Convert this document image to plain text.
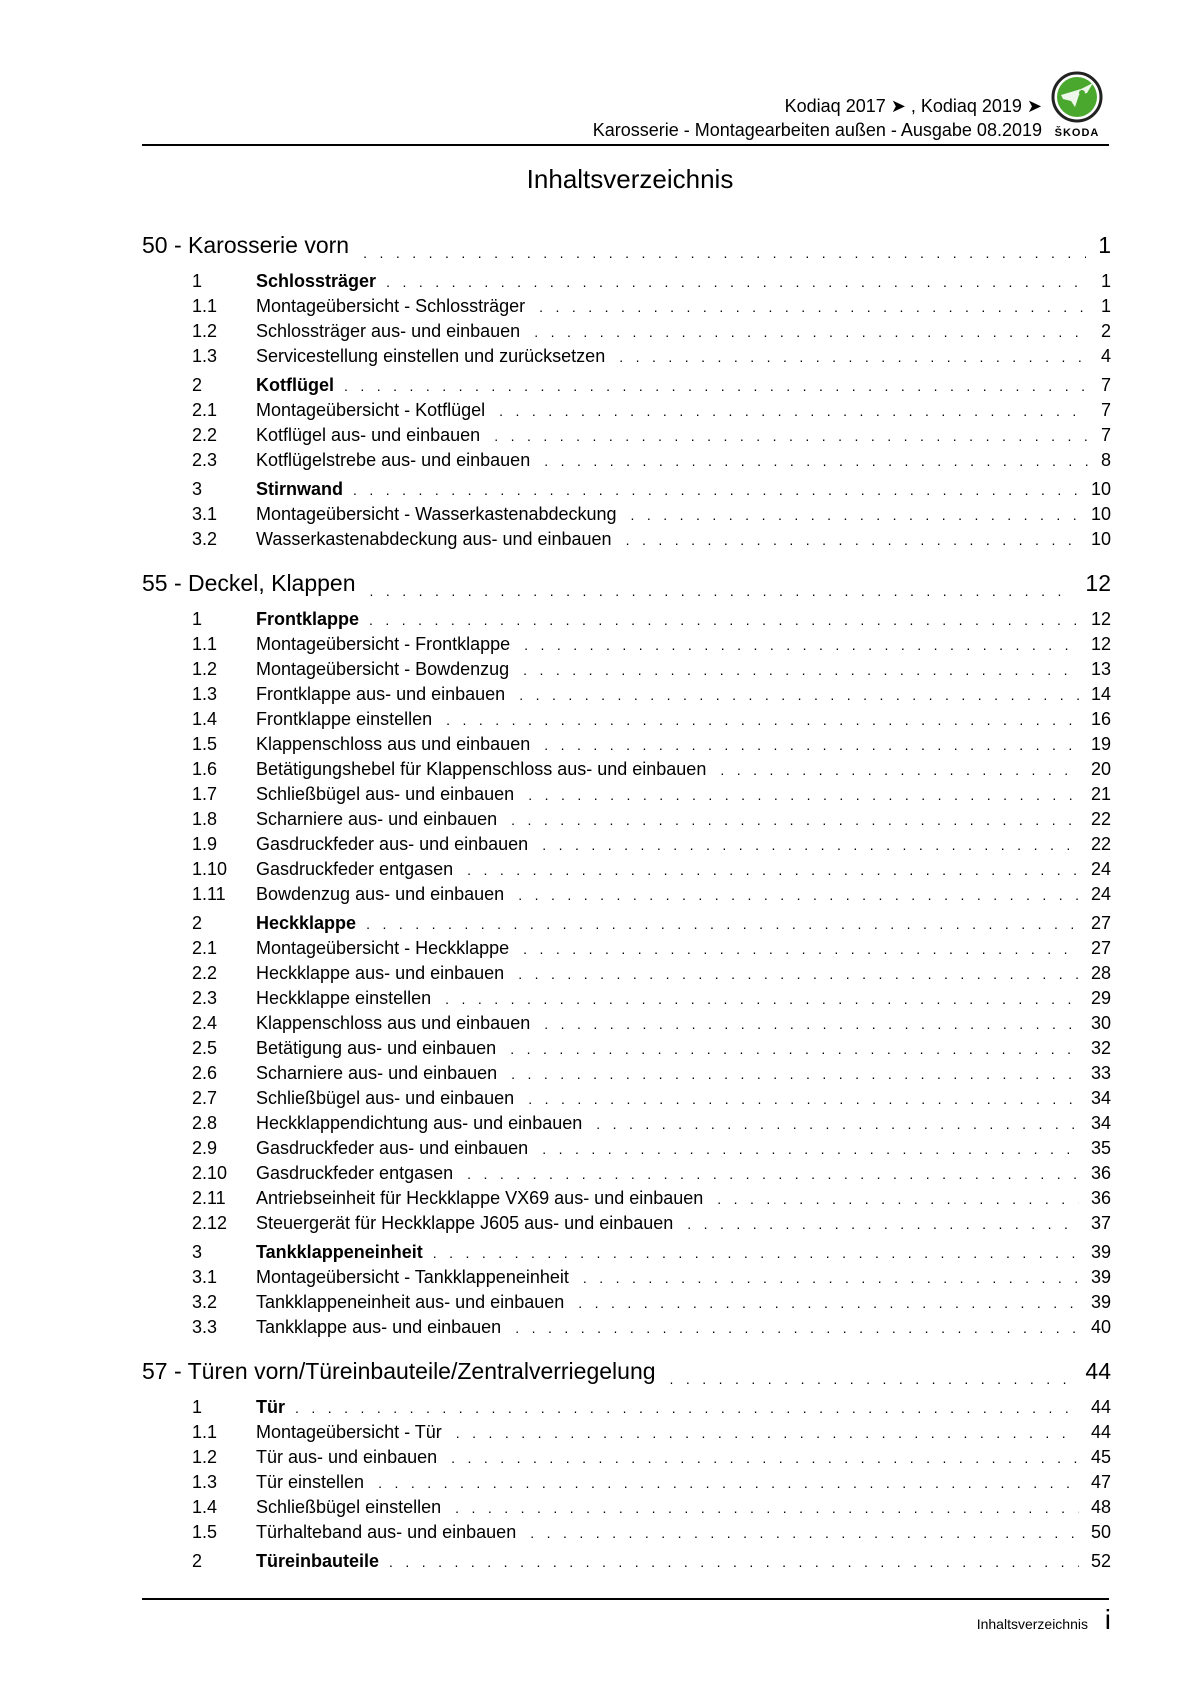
Kodiaq 2017 ➤ , Kodiaq 2019 ➤
Karosserie - Montagearbeiten außen - Ausgabe 08.2019	ŠKODA
Inhaltsverzeichnis
50 - Karosserie vorn . . .	1
1	Schlossträger . . .	1
1.1	Montageübersicht - Schlossträger . . .	1
1.2	Schlossträger aus- und einbauen . . .	2
1.3	Servicestellung einstellen und zurücksetzen . . .	4
2	Kotflügel . . .	7
2.1	Montageübersicht - Kotflügel . . .	7
2.2	Kotflügel aus- und einbauen . . .	7
2.3	Kotflügelstrebe aus- und einbauen . . .	8
3	Stirnwand . . .	10
3.1	Montageübersicht - Wasserkastenabdeckung . . .	10
3.2	Wasserkastenabdeckung aus- und einbauen . . .	10
55 - Deckel, Klappen . . .	12
1	Frontklappe . . .	12
1.1	Montageübersicht - Frontklappe . . .	12
1.2	Montageübersicht - Bowdenzug . . .	13
1.3	Frontklappe aus- und einbauen . . .	14
1.4	Frontklappe einstellen . . .	16
1.5	Klappenschloss aus und einbauen . . .	19
1.6	Betätigungshebel für Klappenschloss aus- und einbauen . . .	20
1.7	Schließbügel aus- und einbauen . . .	21
1.8	Scharniere aus- und einbauen . . .	22
1.9	Gasdruckfeder aus- und einbauen . . .	22
1.10	Gasdruckfeder entgasen . . .	24
1.11	Bowdenzug aus- und einbauen . . .	24
2	Heckklappe . . .	27
2.1	Montageübersicht - Heckklappe . . .	27
2.2	Heckklappe aus- und einbauen . . .	28
2.3	Heckklappe einstellen . . .	29
2.4	Klappenschloss aus und einbauen . . .	30
2.5	Betätigung aus- und einbauen . . .	32
2.6	Scharniere aus- und einbauen . . .	33
2.7	Schließbügel aus- und einbauen . . .	34
2.8	Heckklappendichtung aus- und einbauen . . .	34
2.9	Gasdruckfeder aus- und einbauen . . .	35
2.10	Gasdruckfeder entgasen . . .	36
2.11	Antriebseinheit für Heckklappe VX69 aus- und einbauen . . .	36
2.12	Steuergerät für Heckklappe J605 aus- und einbauen . . .	37
3	Tankklappeneinheit . . .	39
3.1	Montageübersicht - Tankklappeneinheit . . .	39
3.2	Tankklappeneinheit aus- und einbauen . . .	39
3.3	Tankklappe aus- und einbauen . . .	40
57 - Türen vorn/Türeinbauteile/Zentralverriegelung . . .	44
1	Tür . . .	44
1.1	Montageübersicht - Tür . . .	44
1.2	Tür aus- und einbauen . . .	45
1.3	Tür einstellen . . .	47
1.4	Schließbügel einstellen . . .	48
1.5	Türhalteband aus- und einbauen . . .	50
2	Türeinbauteile . . .	52
Inhaltsverzeichnis i
